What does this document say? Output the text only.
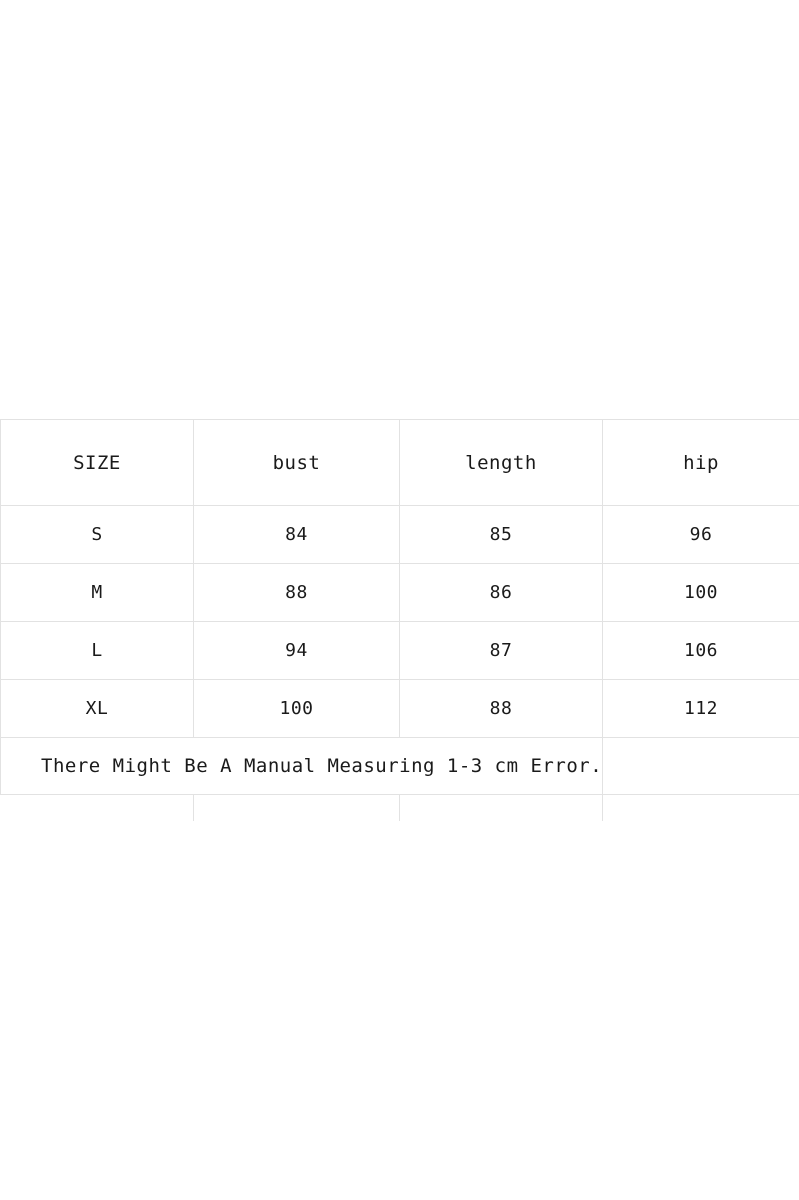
SIZE	bust	length	hip
S	84	85	96
M	88	86	100
L	94	87	106
XL	100	88	112
There Might Be A Manual Measuring 1-3 cm Error.			
